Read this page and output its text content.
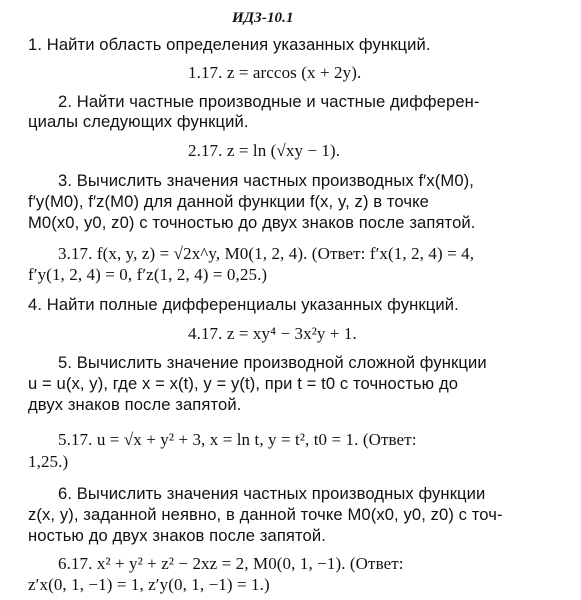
ИДЗ-10.1
1. Найти область определения указанных функций.
1.17. z = arccos (x + 2y).
2. Найти частные производные и частные дифферен-
циалы следующих функций.
2.17. z = ln (√xy − 1).
3. Вычислить значения частных производных f′x(M0),
f′y(M0), f′z(M0) для данной функции f(x, y, z) в точке
M0(x0, y0, z0) с точностью до двух знаков после запятой.
3.17. f(x, y, z) = √2x^y, M0(1, 2, 4). (Ответ: f′x(1, 2, 4) = 4,
f′y(1, 2, 4) = 0, f′z(1, 2, 4) = 0,25.)
4. Найти полные дифференциалы указанных функций.
4.17. z = xy⁴ − 3x²y + 1.
5. Вычислить значение производной сложной функции
u = u(x, y), где x = x(t), y = y(t), при t = t0 с точностью до
двух знаков после запятой.
5.17. u = √x + y² + 3, x = ln t, y = t², t0 = 1. (Ответ:
1,25.)
6. Вычислить значения частных производных функции
z(x, y), заданной неявно, в данной точке M0(x0, y0, z0) с точ-
ностью до двух знаков после запятой.
6.17. x² + y² + z² − 2xz = 2, M0(0, 1, −1). (Ответ:
z′x(0, 1, −1) = 1, z′y(0, 1, −1) = 1.)
